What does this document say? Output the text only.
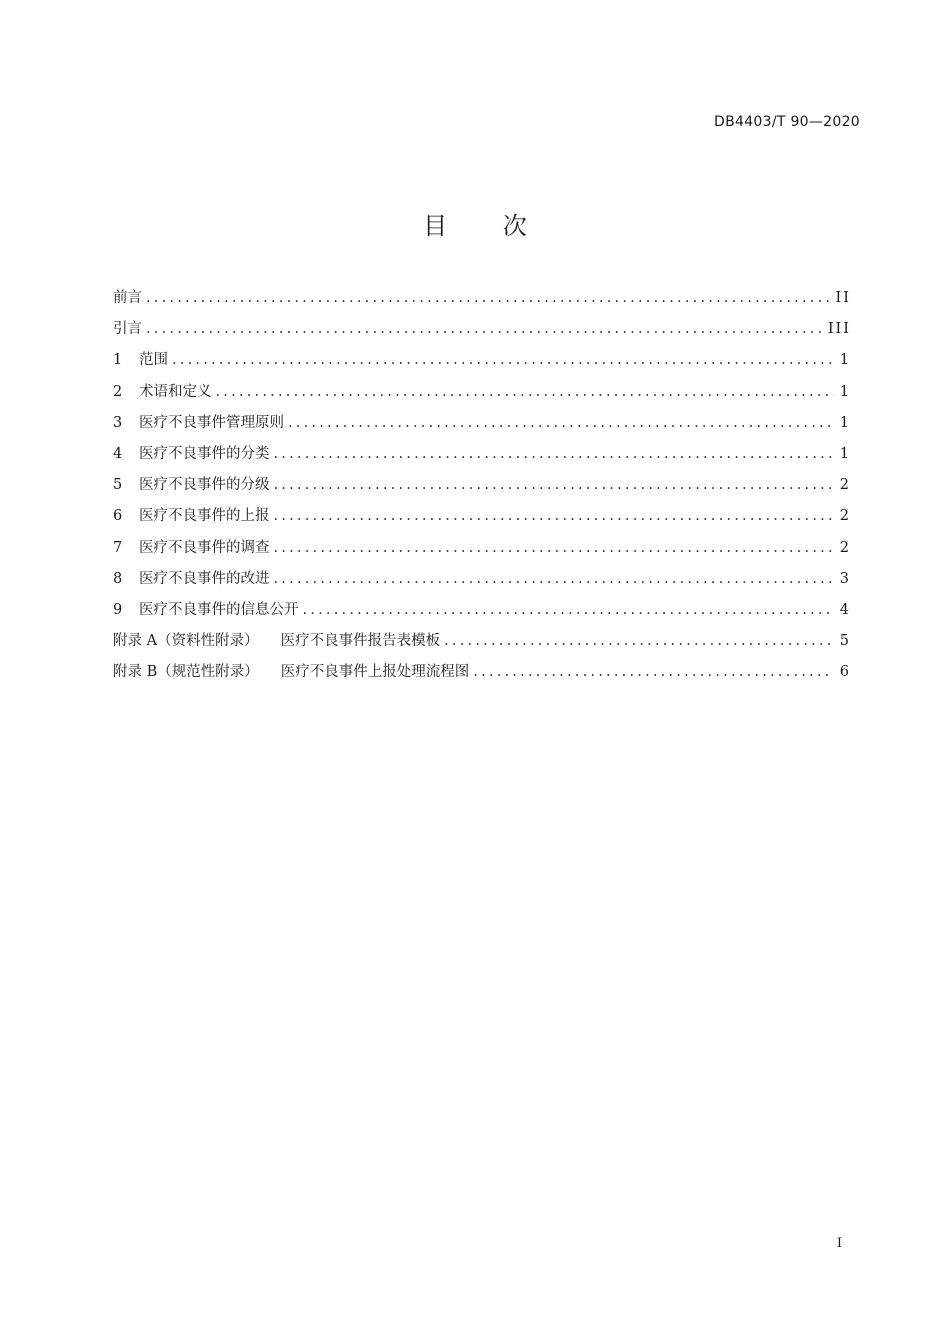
DB4403/T 90—2020
目 次
前言 .....	II
引言 .....	III
1	范围 .....	1
2	术语和定义 .....	1
3	医疗不良事件管理原则 .....	1
4	医疗不良事件的分类 .....	1
5	医疗不良事件的分级 .....	2
6	医疗不良事件的上报 .....	2
7	医疗不良事件的调查 .....	2
8	医疗不良事件的改进 .....	3
9	医疗不良事件的信息公开 .....	4
附录 A（资料性附录） 医疗不良事件报告表模板 .....	5
附录 B（规范性附录） 医疗不良事件上报处理流程图 .....	6
I
